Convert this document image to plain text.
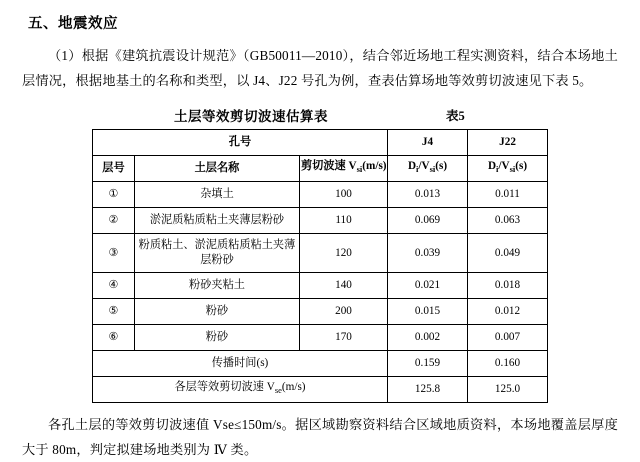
五、地震效应

（1）根据《建筑抗震设计规范》（GB50011—2010），结合邻近场地工程实测资料，结合本场地土层情况，根据地基土的名称和类型，以 J4、J22 号孔为例，查表估算场地等效剪切波速见下表 5。

土层等效剪切波速估算表	表5
孔号			J4	J22
层号	土层名称	剪切波速 $V_{si}(m/s)$	$D_i/V_{si}(s)$	$D_i/V_{si}(s)$
①	杂填土	100	0.013	0.011
②	淤泥质粘质粘土夹薄层粉砂	110	0.069	0.063
③	粉质粘土、淤泥质粘质粘土夹薄层粉砂	120	0.039	0.049
④	粉砂夹粘土	140	0.021	0.018
⑤	粉砂	200	0.015	0.012
⑥	粉砂	170	0.002	0.007
传播时间(s)			0.159	0.160
各层等效剪切波速 $V_{se}(m/s)$			125.8	125.0

各孔土层的等效剪切波速值 Vse≤150m/s。据区域勘察资料结合区域地质资料，本场地覆盖层厚度大于 80m，判定拟建场地类别为 Ⅳ 类。
